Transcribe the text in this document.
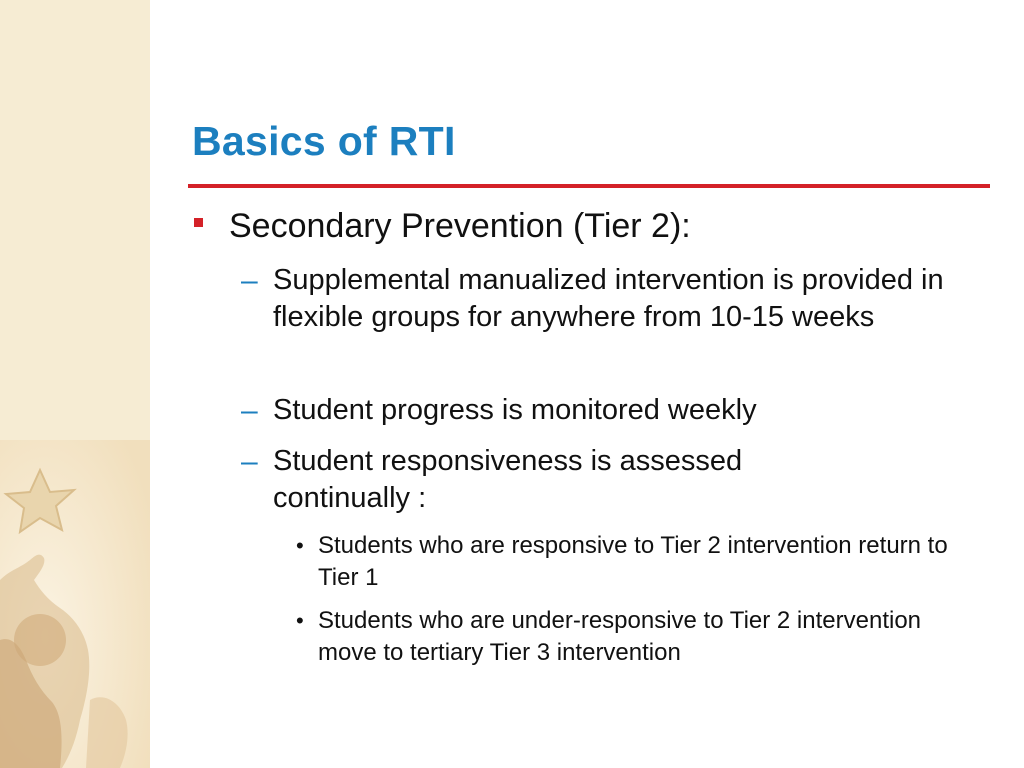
Basics of RTI
Secondary Prevention (Tier 2):
– Supplemental manualized intervention is provided in flexible groups for anywhere from 10-15 weeks
– Student progress is monitored weekly
– Student responsiveness is assessed continually :
• Students who are responsive to Tier 2 intervention return to Tier 1
• Students who are under-responsive to Tier 2 intervention move to tertiary Tier 3 intervention
